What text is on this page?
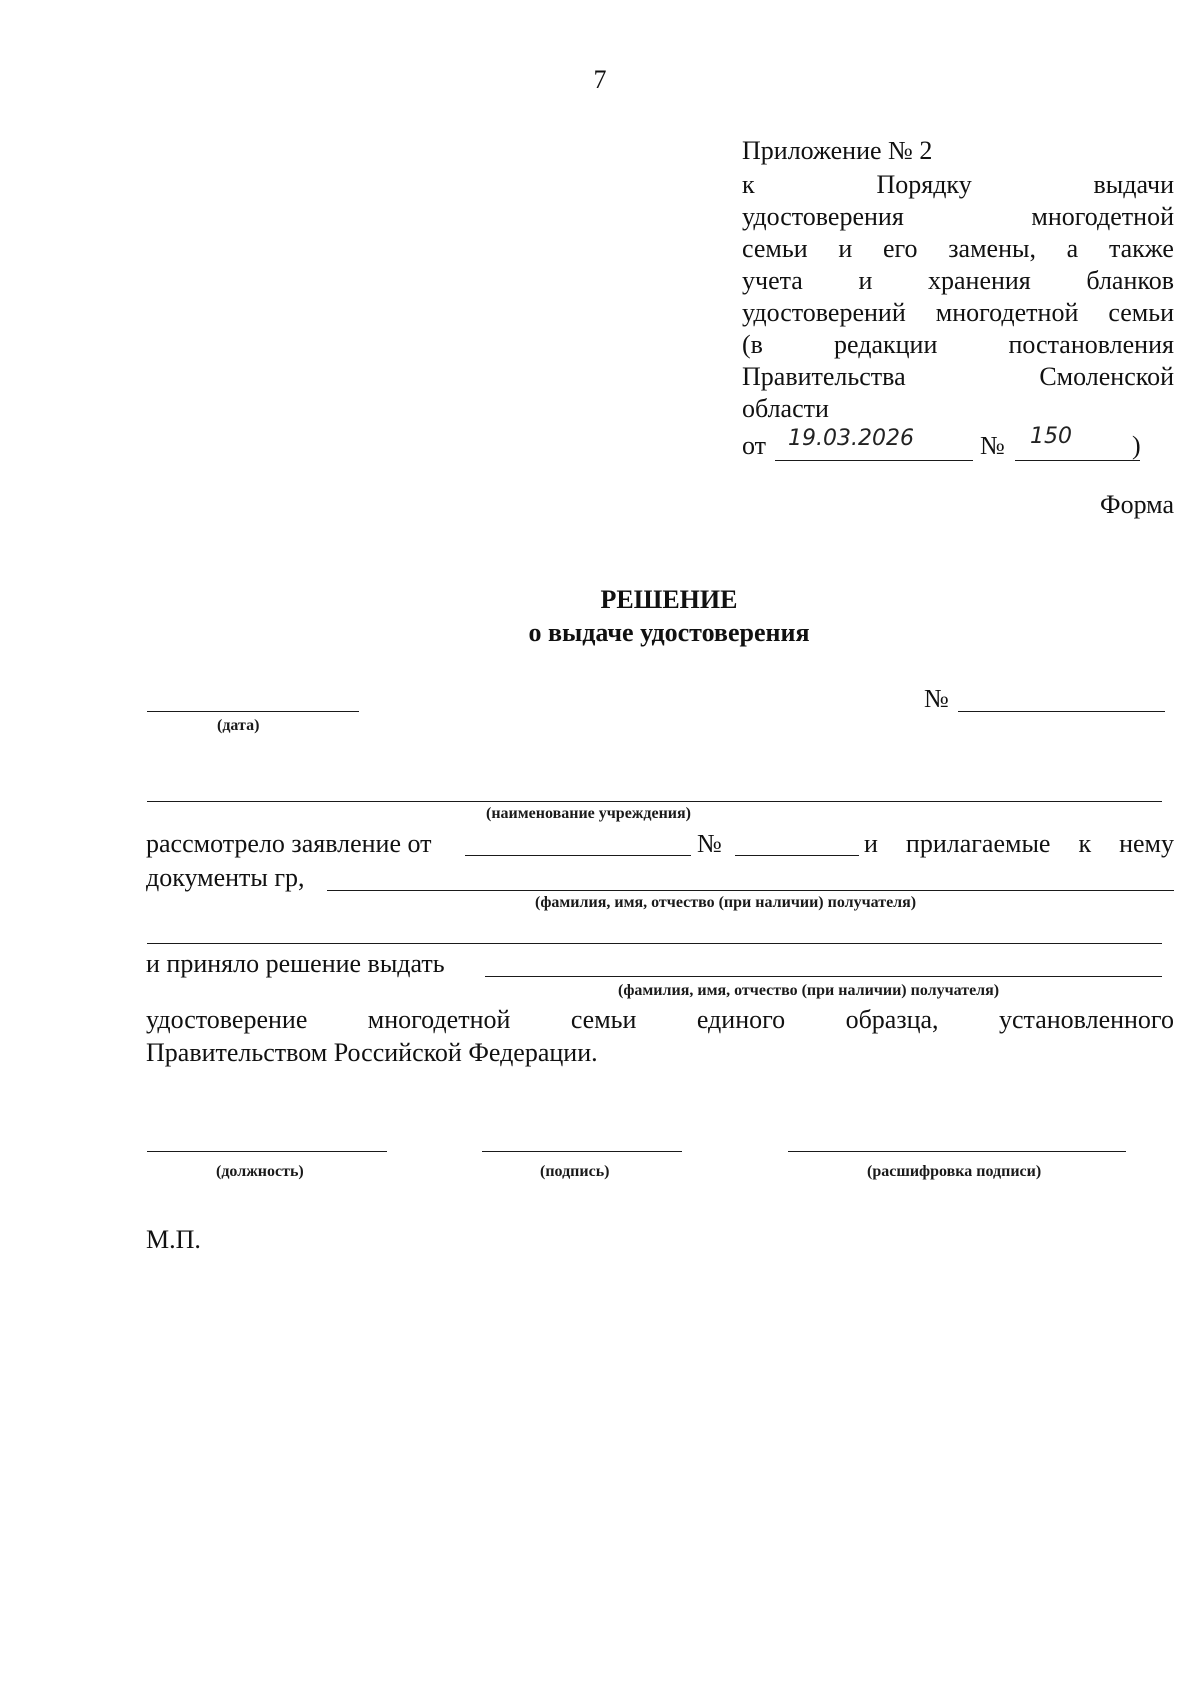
7
Приложение № 2
к	Порядку	выдачи
удостоверения	многодетной
семьи и его замены, а также
учета и хранения бланков
удостоверений многодетной семьи
(в	редакции	постановления
Правительства	Смоленской
области
от 19.03.2026	№ 150 )
Форма
РЕШЕНИЕ
о выдаче удостоверения
(дата)
№
(наименование учреждения)
рассмотрело заявление от	№	и прилагаемые к нему
документы гр,
(фамилия, имя, отчество (при наличии) получателя)
и приняло решение выдать
(фамилия, имя, отчество (при наличии) получателя)
удостоверение многодетной семьи единого образца, установленного
Правительством Российской Федерации.
(должность)	(подпись)	(расшифровка подписи)
М.П.
